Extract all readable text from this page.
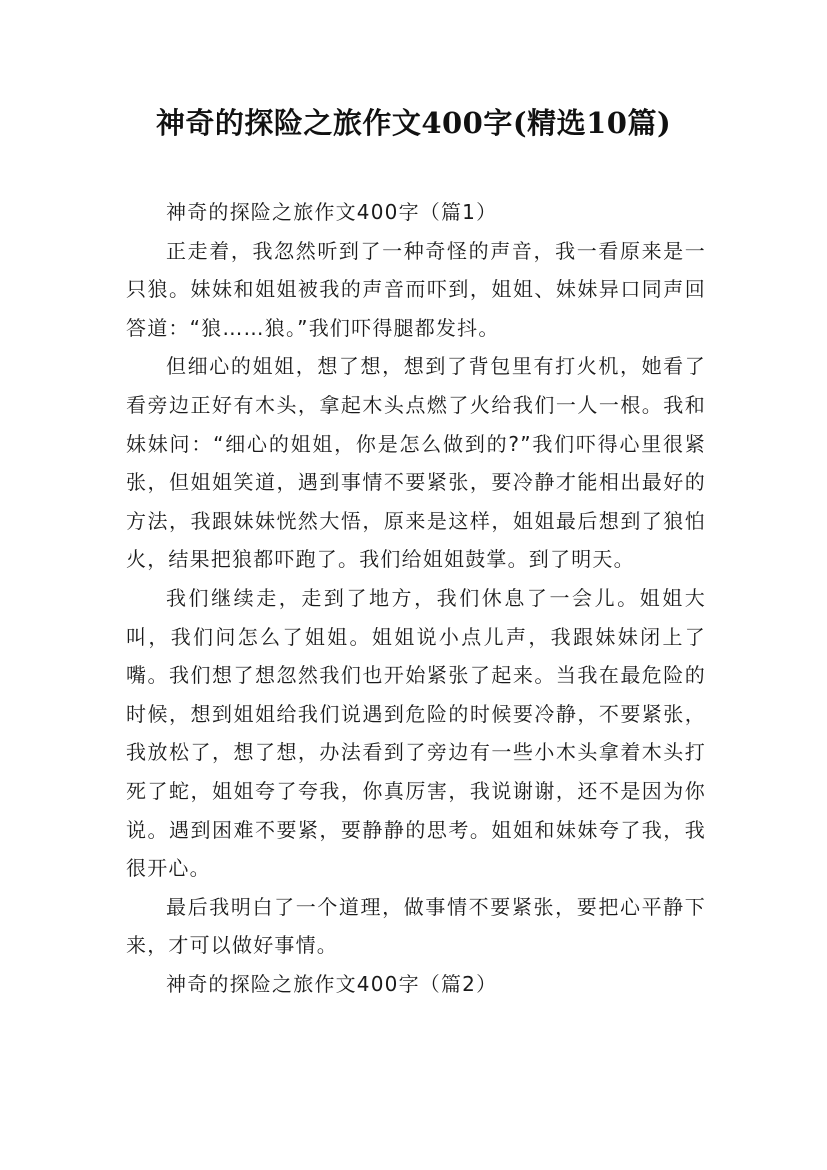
神奇的探险之旅作文400字(精选10篇)

神奇的探险之旅作文400字（篇1）

正走着，我忽然听到了一种奇怪的声音，我一看原来是一只狼。妹妹和姐姐被我的声音而吓到，姐姐、妹妹异口同声回答道：“狼……狼。”我们吓得腿都发抖。

但细心的姐姐，想了想，想到了背包里有打火机，她看了看旁边正好有木头，拿起木头点燃了火给我们一人一根。我和妹妹问：“细心的姐姐，你是怎么做到的?”我们吓得心里很紧张，但姐姐笑道，遇到事情不要紧张，要冷静才能相出最好的方法，我跟妹妹恍然大悟，原来是这样，姐姐最后想到了狼怕火，结果把狼都吓跑了。我们给姐姐鼓掌。到了明天。

我们继续走，走到了地方，我们休息了一会儿。姐姐大叫，我们问怎么了姐姐。姐姐说小点儿声，我跟妹妹闭上了嘴。我们想了想忽然我们也开始紧张了起来。当我在最危险的时候，想到姐姐给我们说遇到危险的时候要冷静，不要紧张，我放松了，想了想，办法看到了旁边有一些小木头拿着木头打死了蛇，姐姐夸了夸我，你真厉害，我说谢谢，还不是因为你说。遇到困难不要紧，要静静的思考。姐姐和妹妹夸了我，我很开心。

最后我明白了一个道理，做事情不要紧张，要把心平静下来，才可以做好事情。

神奇的探险之旅作文400字（篇2）
